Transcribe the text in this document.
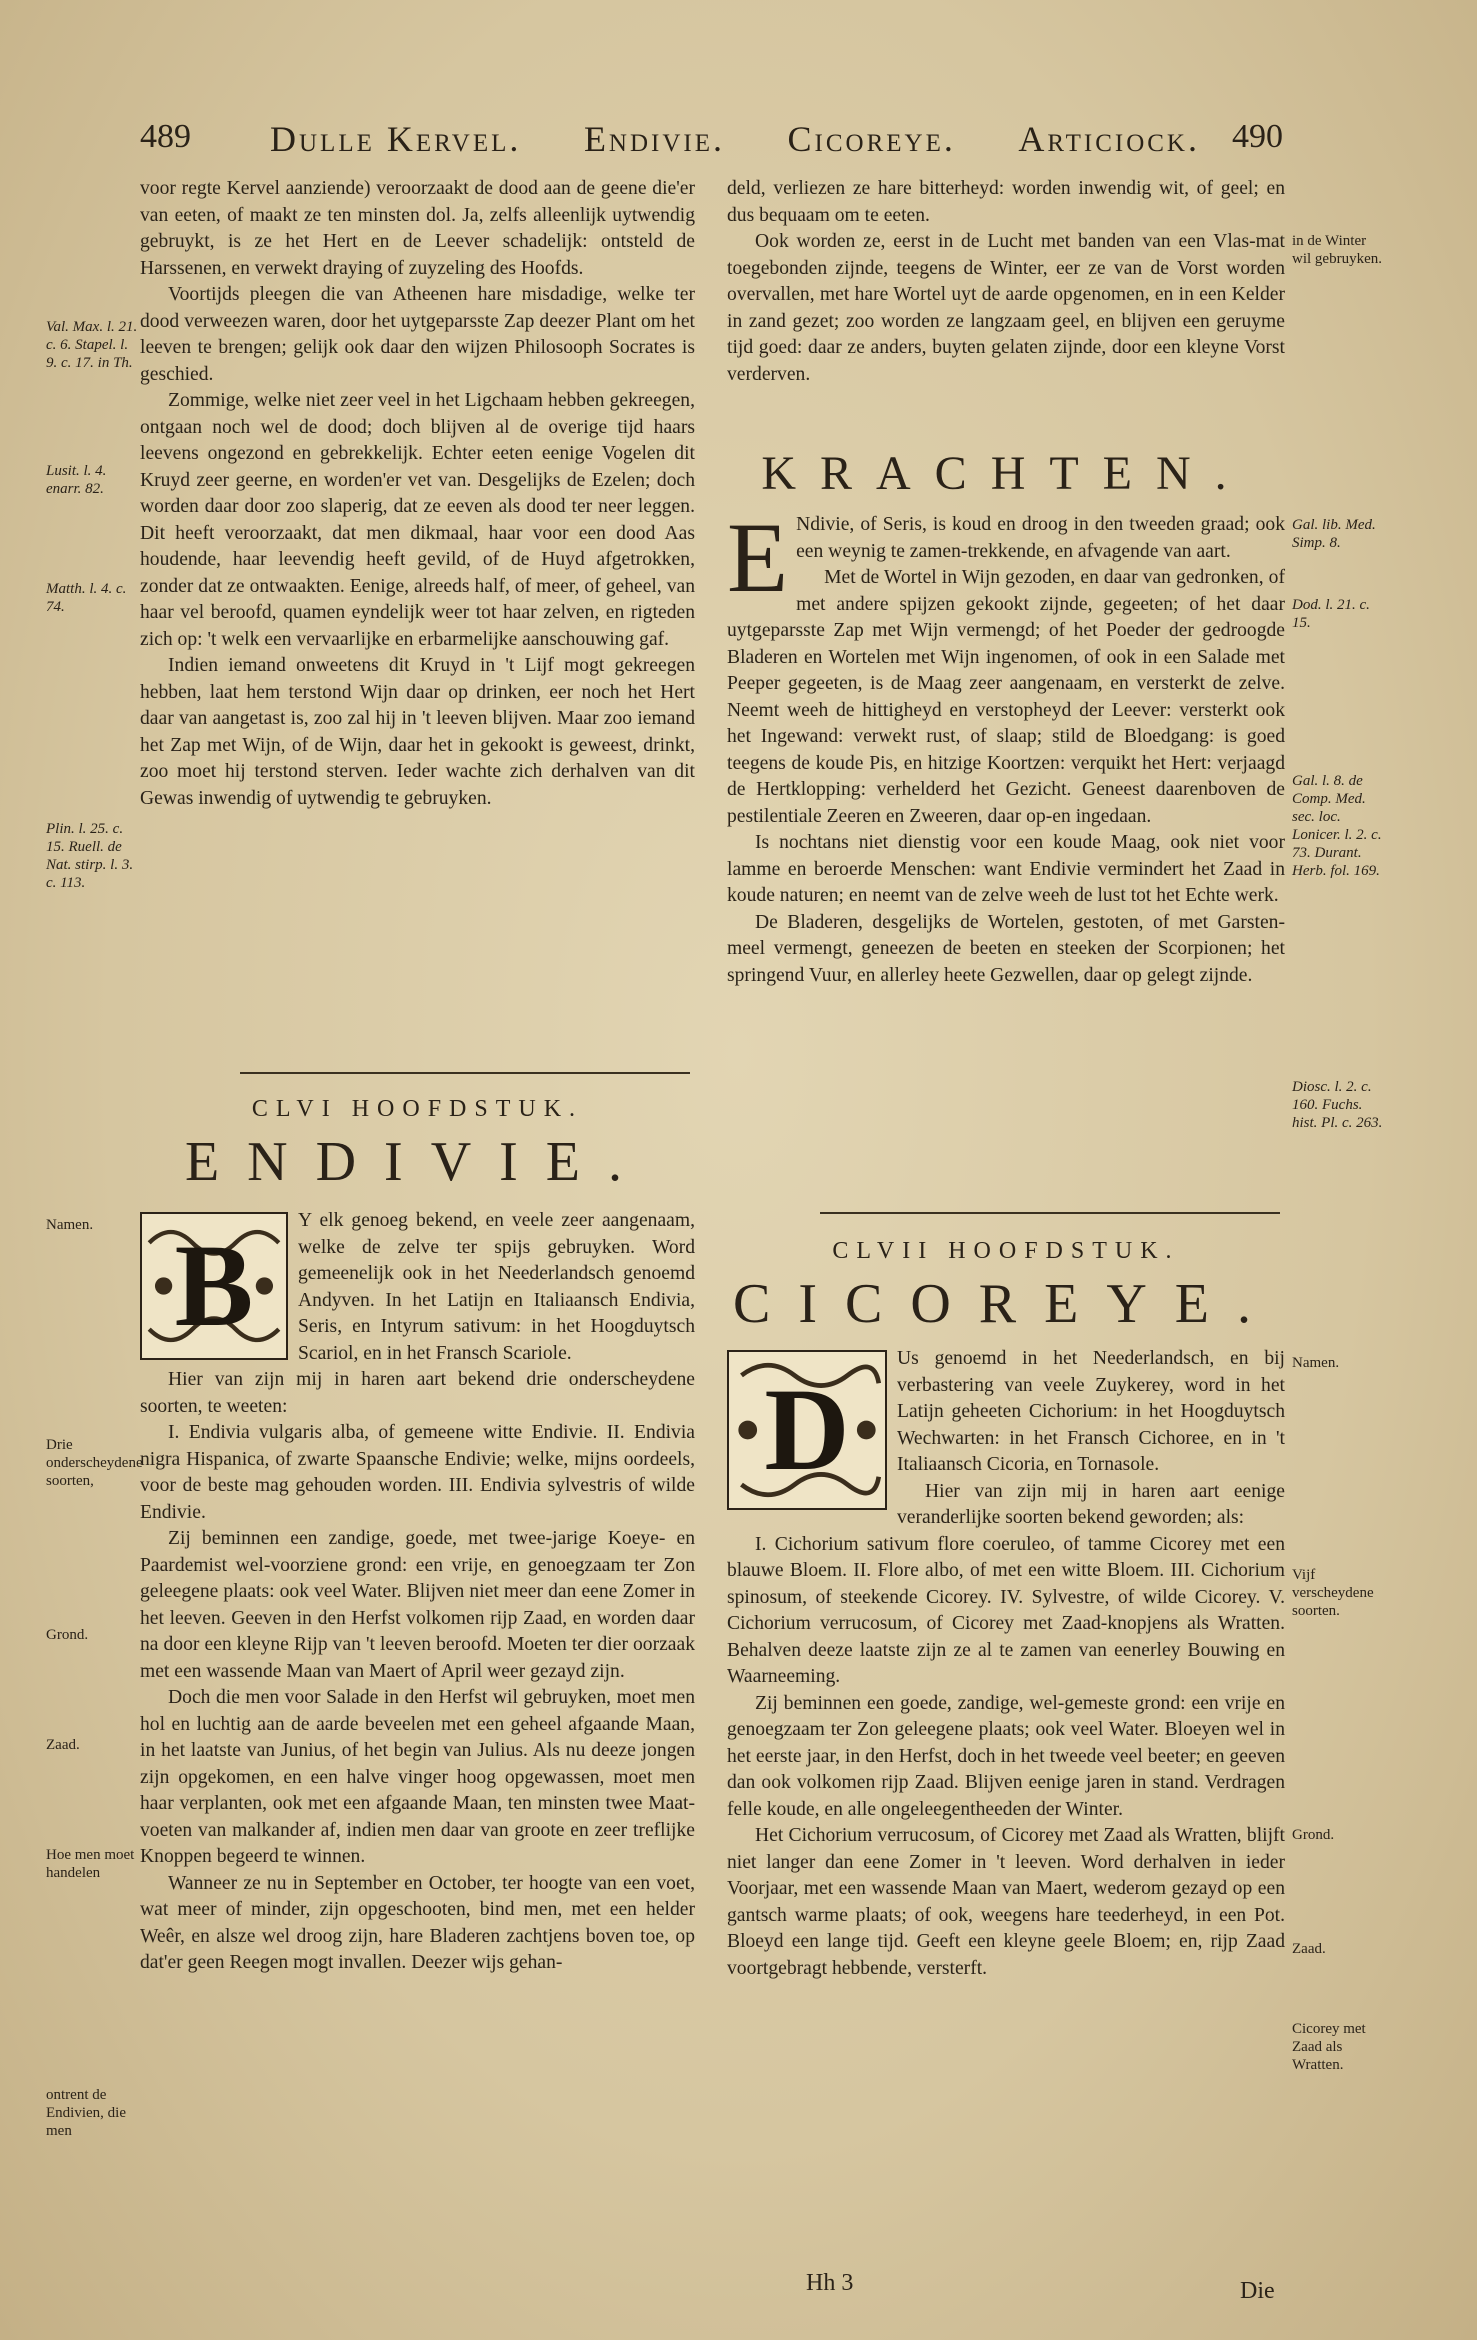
489 Dulle Kervel. Endivie. Cicoreye. Articiock. 490

voor regte Kervel aanziende) veroorzaakt de dood aan de geene die'er van eeten, of maakt ze ten minsten dol. Ja, zelfs alleenlijk uytwendig gebruykt, is ze het Hert en de Leever schadelijk: ontsteld de Harssenen, en verwekt draying of zuyzeling des Hoofds.

Voortijds pleegen die van Atheenen hare misdadige, welke ter dood verweezen waren, door het uytgeparsste Zap deezer Plant om het leeven te brengen; gelijk ook daar den wijzen Philosooph Socrates is geschied.

Zommige, welke niet zeer veel in het Ligchaam hebben gekreegen, ontgaan noch wel de dood; doch blijven al de overige tijd haars leevens ongezond en gebrekkelijk. Echter eeten eenige Vogelen dit Kruyd zeer geerne, en worden'er vet van. Desgelijks de Ezelen; doch worden daar door zoo slaperig, dat ze eeven als dood ter neer leggen. Dit heeft veroorzaakt, dat men dikmaal, haar voor een dood Aas houdende, haar leevendig heeft gevild, of de Huyd afgetrokken, zonder dat ze ontwaakten. Eenige, alreeds half, of meer, of geheel, van haar vel beroofd, quamen eyndelijk weer tot haar zelven, en rigteden zich op: 't welk een vervaarlijke en erbarmelijke aanschouwing gaf.

Indien iemand onweetens dit Kruyd in 't Lijf mogt gekreegen hebben, laat hem terstond Wijn daar op drinken, eer noch het Hert daar van aangetast is, zoo zal hij in 't leeven blijven. Maar zoo iemand het Zap met Wijn, of de Wijn, daar het in gekookt is geweest, drinkt, zoo moet hij terstond sterven. Ieder wachte zich derhalven van dit Gewas inwendig of uytwendig te gebruyken.

Val. Max. l. 21. c. 6. Stapel. l. 9. c. 17. in Th.
Lusit. l. 4. enarr. 82.
Matth. l. 4. c. 74.
Plin. l. 25. c. 15. Ruell. de Nat. stirp. l. 3. c. 113.
CLVI HOOFDSTUK.
ENDIVIE.
B	Y elk genoeg bekend, en veele zeer aangenaam, welke de zelve ter spijs gebruyken. Word gemeenelijk ook in het Neederlandsch genoemd Andyven. In het Latijn en Italiaansch Endivia, Seris, en Intyrum sativum: in het Hoogduytsch Scariol, en in het Fransch Scariole.

Hier van zijn mij in haren aart bekend drie onderscheydene soorten, te weeten:

I. Endivia vulgaris alba, of gemeene witte Endivie. II. Endivia nigra Hispanica, of zwarte Spaansche Endivie; welke, mijns oordeels, voor de beste mag gehouden worden. III. Endivia sylvestris of wilde Endivie.

Zij beminnen een zandige, goede, met twee-jarige Koeye- en Paardemist wel-voorziene grond: een vrije, en genoegzaam ter Zon geleegene plaats: ook veel Water. Blijven niet meer dan eene Zomer in het leeven. Geeven in den Herfst volkomen rijp Zaad, en worden daar na door een kleyne Rijp van 't leeven beroofd. Moeten ter dier oorzaak met een wassende Maan van Maert of April weer gezayd zijn.

Doch die men voor Salade in den Herfst wil gebruyken, moet men hol en luchtig aan de aarde beveelen met een geheel afgaande Maan, in het laatste van Junius, of het begin van Julius. Als nu deeze jongen zijn opgekomen, en een halve vinger hoog opgewassen, moet men haar verplanten, ook met een afgaande Maan, ten minsten twee Maat-voeten van malkander af, indien men daar van groote en zeer treflijke Knoppen begeerd te winnen.

Wanneer ze nu in September en October, ter hoogte van een voet, wat meer of minder, zijn opgeschooten, bind men, met een helder Weêr, en alsze wel droog zijn, hare Bladeren zachtjens boven toe, op dat'er geen Reegen mogt invallen. Deezer wijs gehan-

Namen.
Drie onderscheydene soorten,
Grond.
Zaad.
Hoe men moet handelen
ontrent de Endivien, die men

deld, verliezen ze hare bitterheyd: worden inwendig wit, of geel; en dus bequaam om te eeten.

Ook worden ze, eerst in de Lucht met banden van een Vlas-mat toegebonden zijnde, teegens de Winter, eer ze van de Vorst worden overvallen, met hare Wortel uyt de aarde opgenomen, en in een Kelder in zand gezet; zoo worden ze langzaam geel, en blijven een geruyme tijd goed: daar ze anders, buyten gelaten zijnde, door een kleyne Vorst verderven.

in de Winter wil gebruyken.
KRACHTEN.
E Ndivie, of Seris, is koud en droog in den tweeden graad; ook een weynig te zamen-trekkende, en afvagende van aart.

Met de Wortel in Wijn gezoden, en daar van gedronken, of met andere spijzen gekookt zijnde, gegeeten; of het daar uytgeparsste Zap met Wijn vermengd; of het Poeder der gedroogde Bladeren en Wortelen met Wijn ingenomen, of ook in een Salade met Peeper gegeeten, is de Maag zeer aangenaam, en versterkt de zelve. Neemt weeh de hittigheyd en verstopheyd der Leever: versterkt ook het Ingewand: verwekt rust, of slaap; stild de Bloedgang: is goed teegens de koude Pis, en hitzige Koortzen: verquikt het Hert: verjaagd de Hertklopping: verhelderd het Gezicht. Geneest daarenboven de pestilentiale Zeeren en Zweeren, daar op-en ingedaan.

Is nochtans niet dienstig voor een koude Maag, ook niet voor lamme en beroerde Menschen: want Endivie vermindert het Zaad in koude naturen; en neemt van de zelve weeh de lust tot het Echte werk.

De Bladeren, desgelijks de Wortelen, gestoten, of met Garsten-meel vermengt, geneezen de beeten en steeken der Scorpionen; het springend Vuur, en allerley heete Gezwellen, daar op gelegt zijnde.

Gal. lib. Med. Simp. 8.
Dod. l. 21. c. 15.
Gal. l. 8. de Comp. Med. sec. loc. Lonicer. l. 2. c. 73. Durant. Herb. fol. 169.
Diosc. l. 2. c. 160. Fuchs. hist. Pl. c. 263.
CLVII HOOFDSTUK.
CICOREYE.
D

Us genoemd in het Neederlandsch, en bij verbastering van veele Zuykerey, word in het Latijn geheeten Cichorium: in het Hoogduytsch Wechwarten: in het Fransch Cichoree, en in 't Italiaansch Cicoria, en Tornasole.

Hier van zijn mij in haren aart eenige veranderlijke soorten bekend geworden; als:

I. Cichorium sativum flore coeruleo, of tamme Cicorey met een blauwe Bloem. II. Flore albo, of met een witte Bloem. III. Cichorium spinosum, of steekende Cicorey. IV. Sylvestre, of wilde Cicorey. V. Cichorium verrucosum, of Cicorey met Zaad-knopjens als Wratten. Behalven deeze laatste zijn ze al te zamen van eenerley Bouwing en Waarneeming.

Zij beminnen een goede, zandige, wel-gemeste grond: een vrije en genoegzaam ter Zon geleegene plaats; ook veel Water. Bloeyen wel in het eerste jaar, in den Herfst, doch in het tweede veel beeter; en geeven dan ook volkomen rijp Zaad. Blijven eenige jaren in stand. Verdragen felle koude, en alle ongeleegentheeden der Winter.

Het Cichorium verrucosum, of Cicorey met Zaad als Wratten, blijft niet langer dan eene Zomer in 't leeven. Word derhalven in ieder Voorjaar, met een wassende Maan van Maert, wederom gezayd op een gantsch warme plaats; of ook, weegens hare teederheyd, in een Pot. Bloeyd een lange tijd. Geeft een kleyne geele Bloem; en, rijp Zaad voortgebragt hebbende, versterft.

Namen.
Vijf verscheydene soorten.
Grond.
Zaad.
Cicorey met Zaad als Wratten.
Hh 3	Die
